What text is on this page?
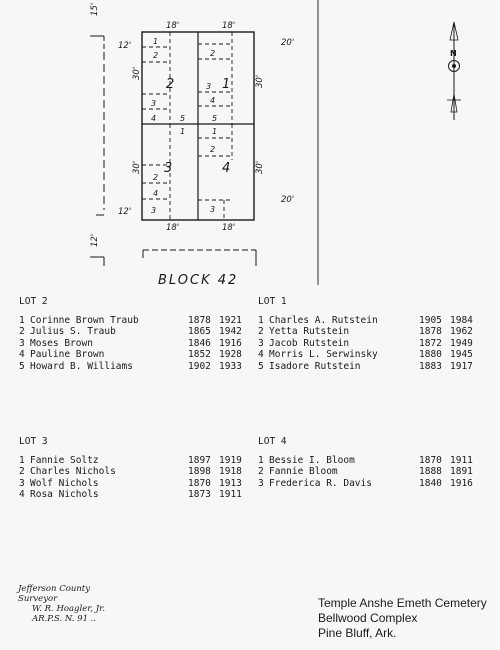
1
2
3
4	5
2
3
4
5
1	1
2
2
4
3	3
2	1
3	4
18'	18'
18'	18'
12'
12'
20'
20'
30'
30'
30'
30'
15'
12'
BLOCK 42
N
LOT 2
1 Corinne Brown Traub	1878 1921
2 Julius S. Traub	1865 1942
3 Moses Brown	1846 1916
4 Pauline Brown	1852 1928
5 Howard B. Williams	1902 1933
LOT 1
1 Charles A. Rutstein	1905 1984
2 Yetta Rutstein	1878 1962
3 Jacob Rutstein	1872 1949
4 Morris L. Serwinsky	1880 1945
5 Isadore Rutstein	1883 1917
LOT 3
1 Fannie Soltz	1897 1919
2 Charles Nichols	1898 1918
3 Wolf Nichols	1870 1913
4 Rosa Nichols	1873 1911
LOT 4
1 Bessie I. Bloom	1870 1911
2 Fannie Bloom	1888 1891
3 Frederica R. Davis	1840 1916
Jefferson County Surveyor
W. R. Hoagler, Jr.
AR.P.S. N. 91 ..
Temple Anshe Emeth Cemetery
Bellwood Complex
Pine Bluff, Ark.
